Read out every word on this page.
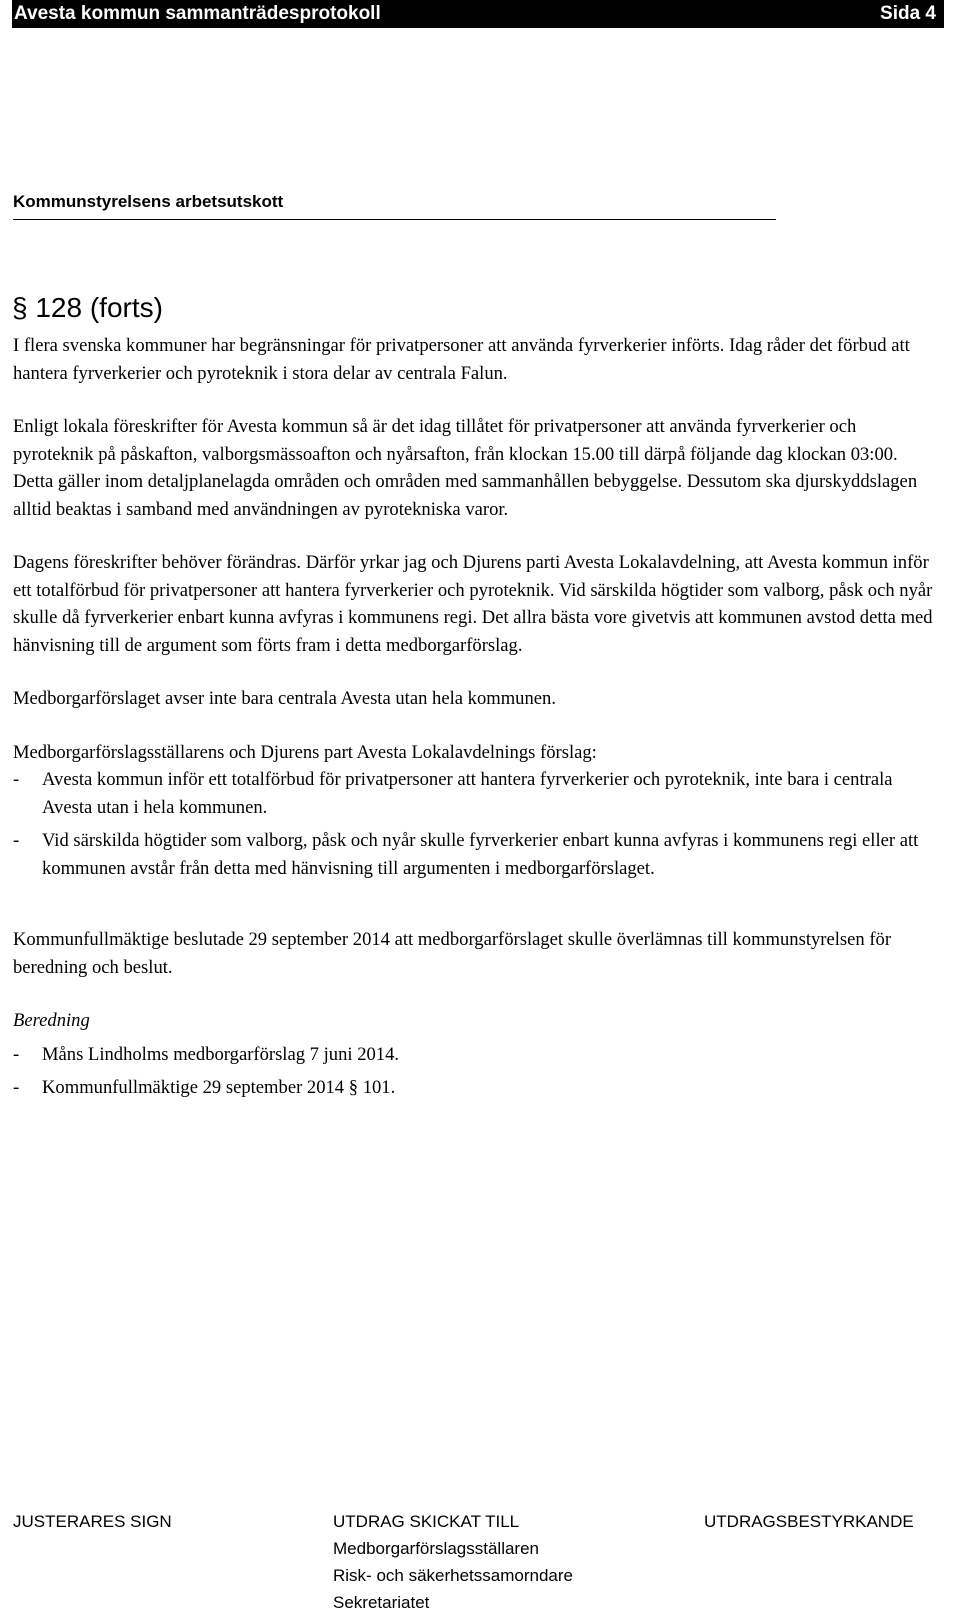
Avesta kommun sammanträdesprotokoll	Sida 4
Kommunstyrelsens arbetsutskott
§ 128 (forts)

I flera svenska kommuner har begränsningar för privatpersoner att använda fyrverkerier införts. Idag råder det förbud att hantera fyrverkerier och pyroteknik i stora delar av centrala Falun.

Enligt lokala föreskrifter för Avesta kommun så är det idag tillåtet för privatpersoner att använda fyrverkerier och pyroteknik på påskafton, valborgsmässoafton och nyårsafton, från klockan 15.00 till därpå följande dag klockan 03:00. Detta gäller inom detaljplanelagda områden och områden med sammanhållen bebyggelse. Dessutom ska djurskyddslagen alltid beaktas i samband med användningen av pyrotekniska varor.

Dagens föreskrifter behöver förändras. Därför yrkar jag och Djurens parti Avesta Lokalavdelning, att Avesta kommun inför ett totalförbud för privatpersoner att hantera fyrverkerier och pyroteknik. Vid särskilda högtider som valborg, påsk och nyår skulle då fyrverkerier enbart kunna avfyras i kommunens regi. Det allra bästa vore givetvis att kommunen avstod detta med hänvisning till de argument som förts fram i detta medborgarförslag.

Medborgarförslaget avser inte bara centrala Avesta utan hela kommunen.

Medborgarförslagsställarens och Djurens part Avesta Lokalavdelnings förslag:

- Avesta kommun inför ett totalförbud för privatpersoner att hantera fyrverkerier och pyroteknik, inte bara i centrala Avesta utan i hela kommunen.
- Vid särskilda högtider som valborg, påsk och nyår skulle fyrverkerier enbart kunna avfyras i kommunens regi eller att kommunen avstår från detta med hänvisning till argumenten i medborgarförslaget.

Kommunfullmäktige beslutade 29 september 2014 att medborgarförslaget skulle överlämnas till kommunstyrelsen för beredning och beslut.

Beredning

- Måns Lindholms medborgarförslag 7 juni 2014.
- Kommunfullmäktige 29 september 2014 § 101.
JUSTERARES SIGN	UTDRAG SKICKAT TILL
Medborgarförslagsställaren
Risk- och säkerhetssamorndare
Sekretariatet
UTDRAGSBESTYRKANDE
